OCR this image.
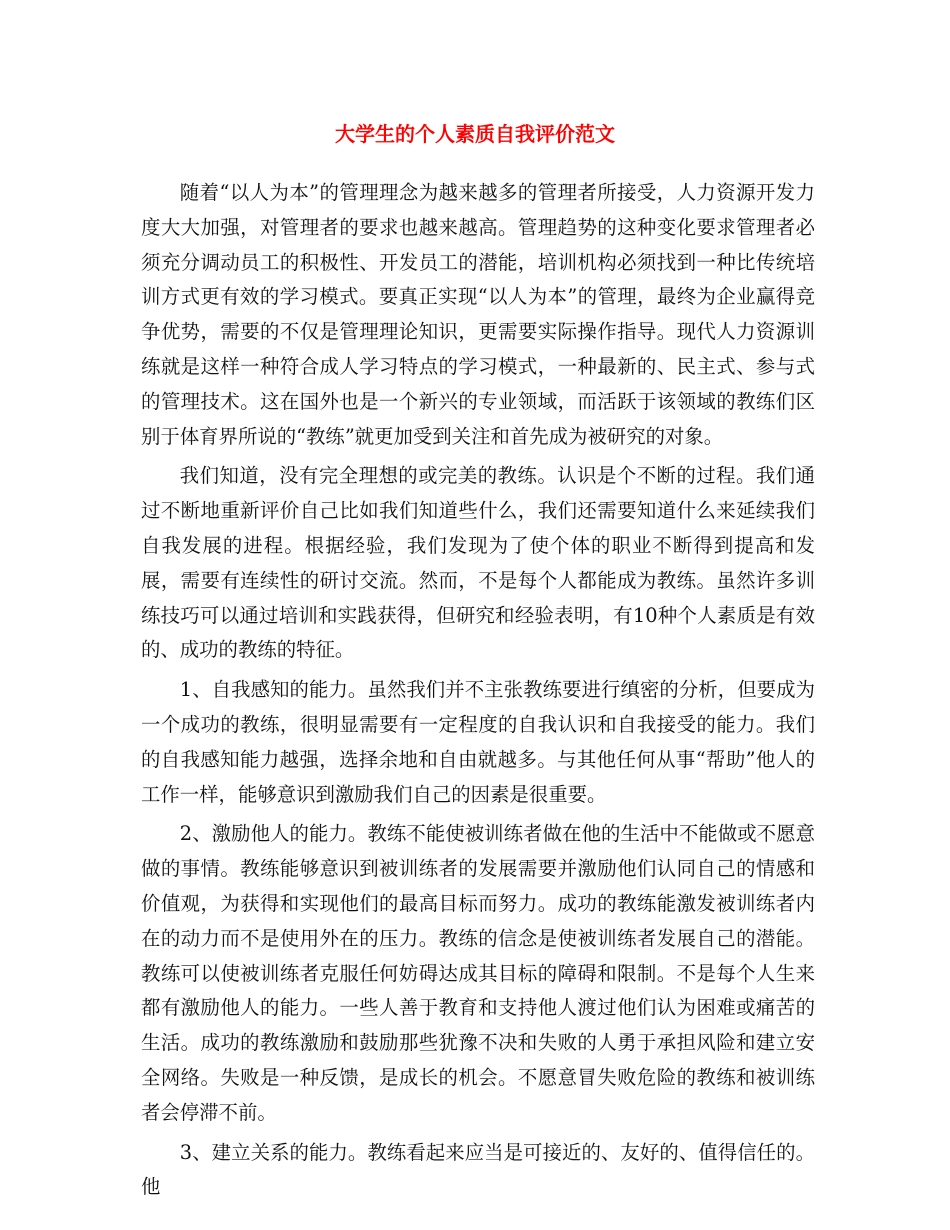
大学生的个人素质自我评价范文

随着“以人为本”的管理理念为越来越多的管理者所接受，人力资源开发力度大大加强，对管理者的要求也越来越高。管理趋势的这种变化要求管理者必须充分调动员工的积极性、开发员工的潜能，培训机构必须找到一种比传统培训方式更有效的学习模式。要真正实现“以人为本”的管理，最终为企业赢得竞争优势，需要的不仅是管理理论知识，更需要实际操作指导。现代人力资源训练就是这样一种符合成人学习特点的学习模式，一种最新的、民主式、参与式的管理技术。这在国外也是一个新兴的专业领域，而活跃于该领域的教练们区别于体育界所说的“教练”就更加受到关注和首先成为被研究的对象。

我们知道，没有完全理想的或完美的教练。认识是个不断的过程。我们通过不断地重新评价自己比如我们知道些什么，我们还需要知道什么来延续我们自我发展的进程。根据经验，我们发现为了使个体的职业不断得到提高和发展，需要有连续性的研讨交流。然而，不是每个人都能成为教练。虽然许多训练技巧可以通过培训和实践获得，但研究和经验表明，有10种个人素质是有效的、成功的教练的特征。

1、自我感知的能力。虽然我们并不主张教练要进行缜密的分析，但要成为一个成功的教练，很明显需要有一定程度的自我认识和自我接受的能力。我们的自我感知能力越强，选择余地和自由就越多。与其他任何从事“帮助”他人的工作一样，能够意识到激励我们自己的因素是很重要。

2、激励他人的能力。教练不能使被训练者做在他的生活中不能做或不愿意做的事情。教练能够意识到被训练者的发展需要并激励他们认同自己的情感和价值观，为获得和实现他们的最高目标而努力。成功的教练能激发被训练者内在的动力而不是使用外在的压力。教练的信念是使被训练者发展自己的潜能。教练可以使被训练者克服任何妨碍达成其目标的障碍和限制。不是每个人生来都有激励他人的能力。一些人善于教育和支持他人渡过他们认为困难或痛苦的生活。成功的教练激励和鼓励那些犹豫不决和失败的人勇于承担风险和建立安全网络。失败是一种反馈，是成长的机会。不愿意冒失败危险的教练和被训练者会停滞不前。

3、建立关系的能力。教练看起来应当是可接近的、友好的、值得信任的。他
